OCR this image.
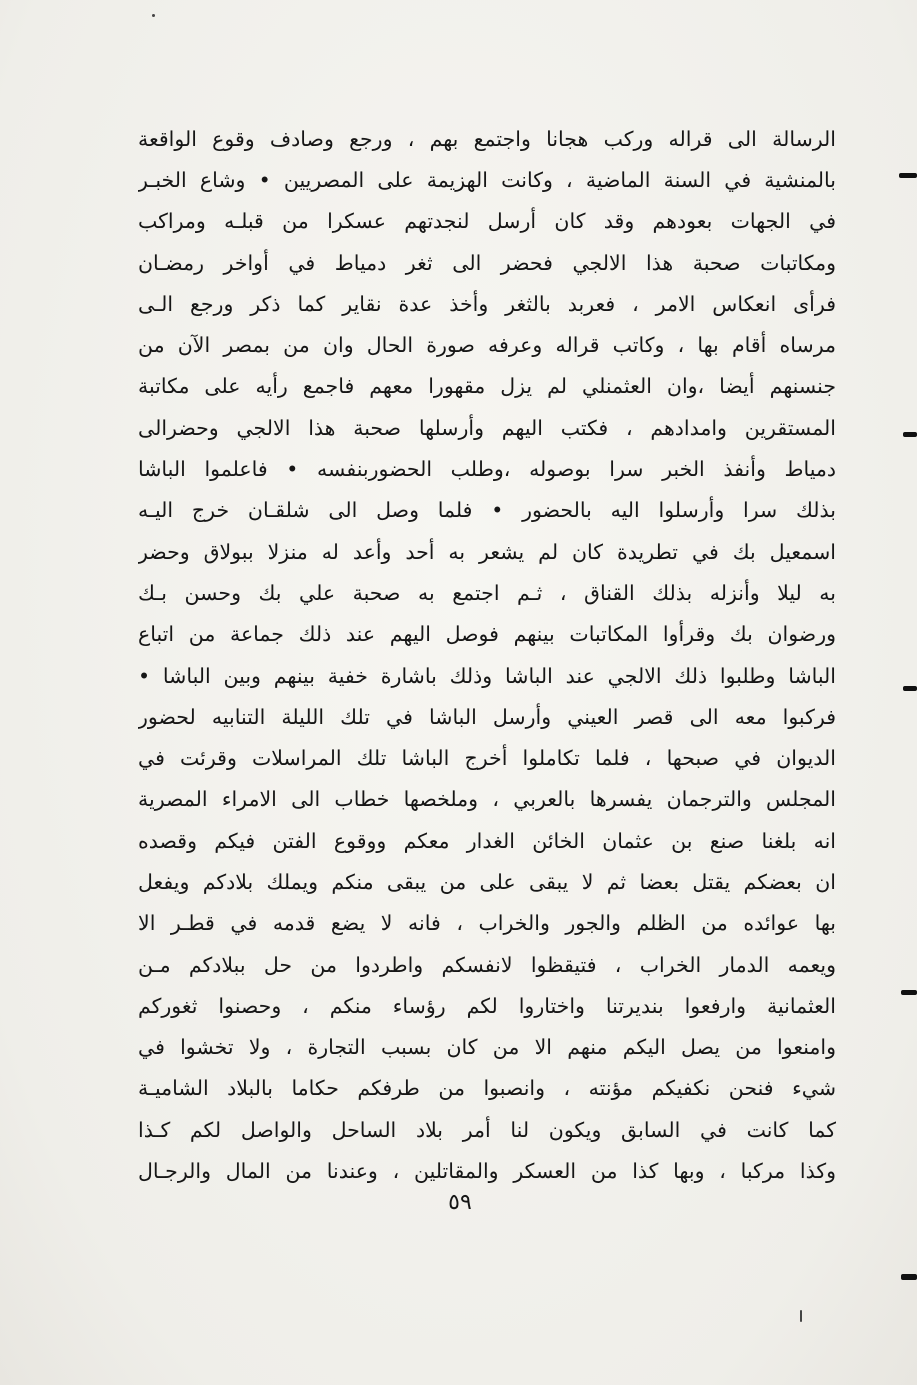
الرسالة الى قراله وركب هجانا واجتمع بهم ، ورجع وصادف وقوع الواقعة
بالمنشية في السنة الماضية ، وكانت الهزيمة على المصريين • وشاع الخبـر
في الجهات بعودهم وقد كان أرسل لنجدتهم عسكرا من قبلـه ومراكب
ومكاتبات صحبة هذا الالجي فحضر الى ثغر دمياط في أواخر رمضـان
فرأى انعكاس الامر ، فعربد بالثغر وأخذ عدة نقاير كما ذكر ورجع الـى
مرساه أقام بها ، وكاتب قراله وعرفه صورة الحال وان من بمصر الآن من
جنسنهم أيضا ،وان العثمنلي لم يزل مقهورا معهم فاجمع رأيه على مكاتبة
المستقرين وامدادهم ، فكتب اليهم وأرسلها صحبة هذا الالجي وحضرالى
دمياط وأنفذ الخبر سرا بوصوله ،وطلب الحضوربنفسه • فاعلموا الباشا
بذلك سرا وأرسلوا اليه بالحضور • فلما وصل الى شلقـان خرج اليـه
اسمعيل بك في تطريدة كان لم يشعر به أحد وأعد له منزلا ببولاق وحضر
به ليلا وأنزله بذلك القناق ، ثـم اجتمع به صحبة علي بك وحسن بـك
ورضوان بك وقرأوا المكاتبات بينهم فوصل اليهم عند ذلك جماعة من اتباع
الباشا وطلبوا ذلك الالجي عند الباشا وذلك باشارة خفية بينهم وبين الباشا •
فركبوا معه الى قصر العيني وأرسل الباشا في تلك الليلة التنابيه لحضور
الديوان في صبحها ، فلما تكاملوا أخرج الباشا تلك المراسلات وقرئت في
المجلس والترجمان يفسرها بالعربي ، وملخصها خطاب الى الامراء المصرية
انه بلغنا صنع بن عثمان الخائن الغدار معكم ووقوع الفتن فيكم وقصده
ان بعضكم يقتل بعضا ثم لا يبقى على من يبقى منكم ويملك بلادكم ويفعل
بها عوائده من الظلم والجور والخراب ، فانه لا يضع قدمه في قطـر الا
ويعمه الدمار الخراب ، فتيقظوا لانفسكم واطردوا من حل ببلادكم مـن
العثمانية وارفعوا بنديرتنا واختاروا لكم رؤساء منكم ، وحصنوا ثغوركم
وامنعوا من يصل اليكم منهم الا من كان بسبب التجارة ، ولا تخشوا في
شيء فنحن نكفيكم مؤنته ، وانصبوا من طرفكم حكاما بالبلاد الشاميـة
كما كانت في السابق ويكون لنا أمر بلاد الساحل والواصل لكم كـذا
وكذا مركبا ، وبها كذا من العسكر والمقاتلين ، وعندنا من المال والرجـال
٥٩
